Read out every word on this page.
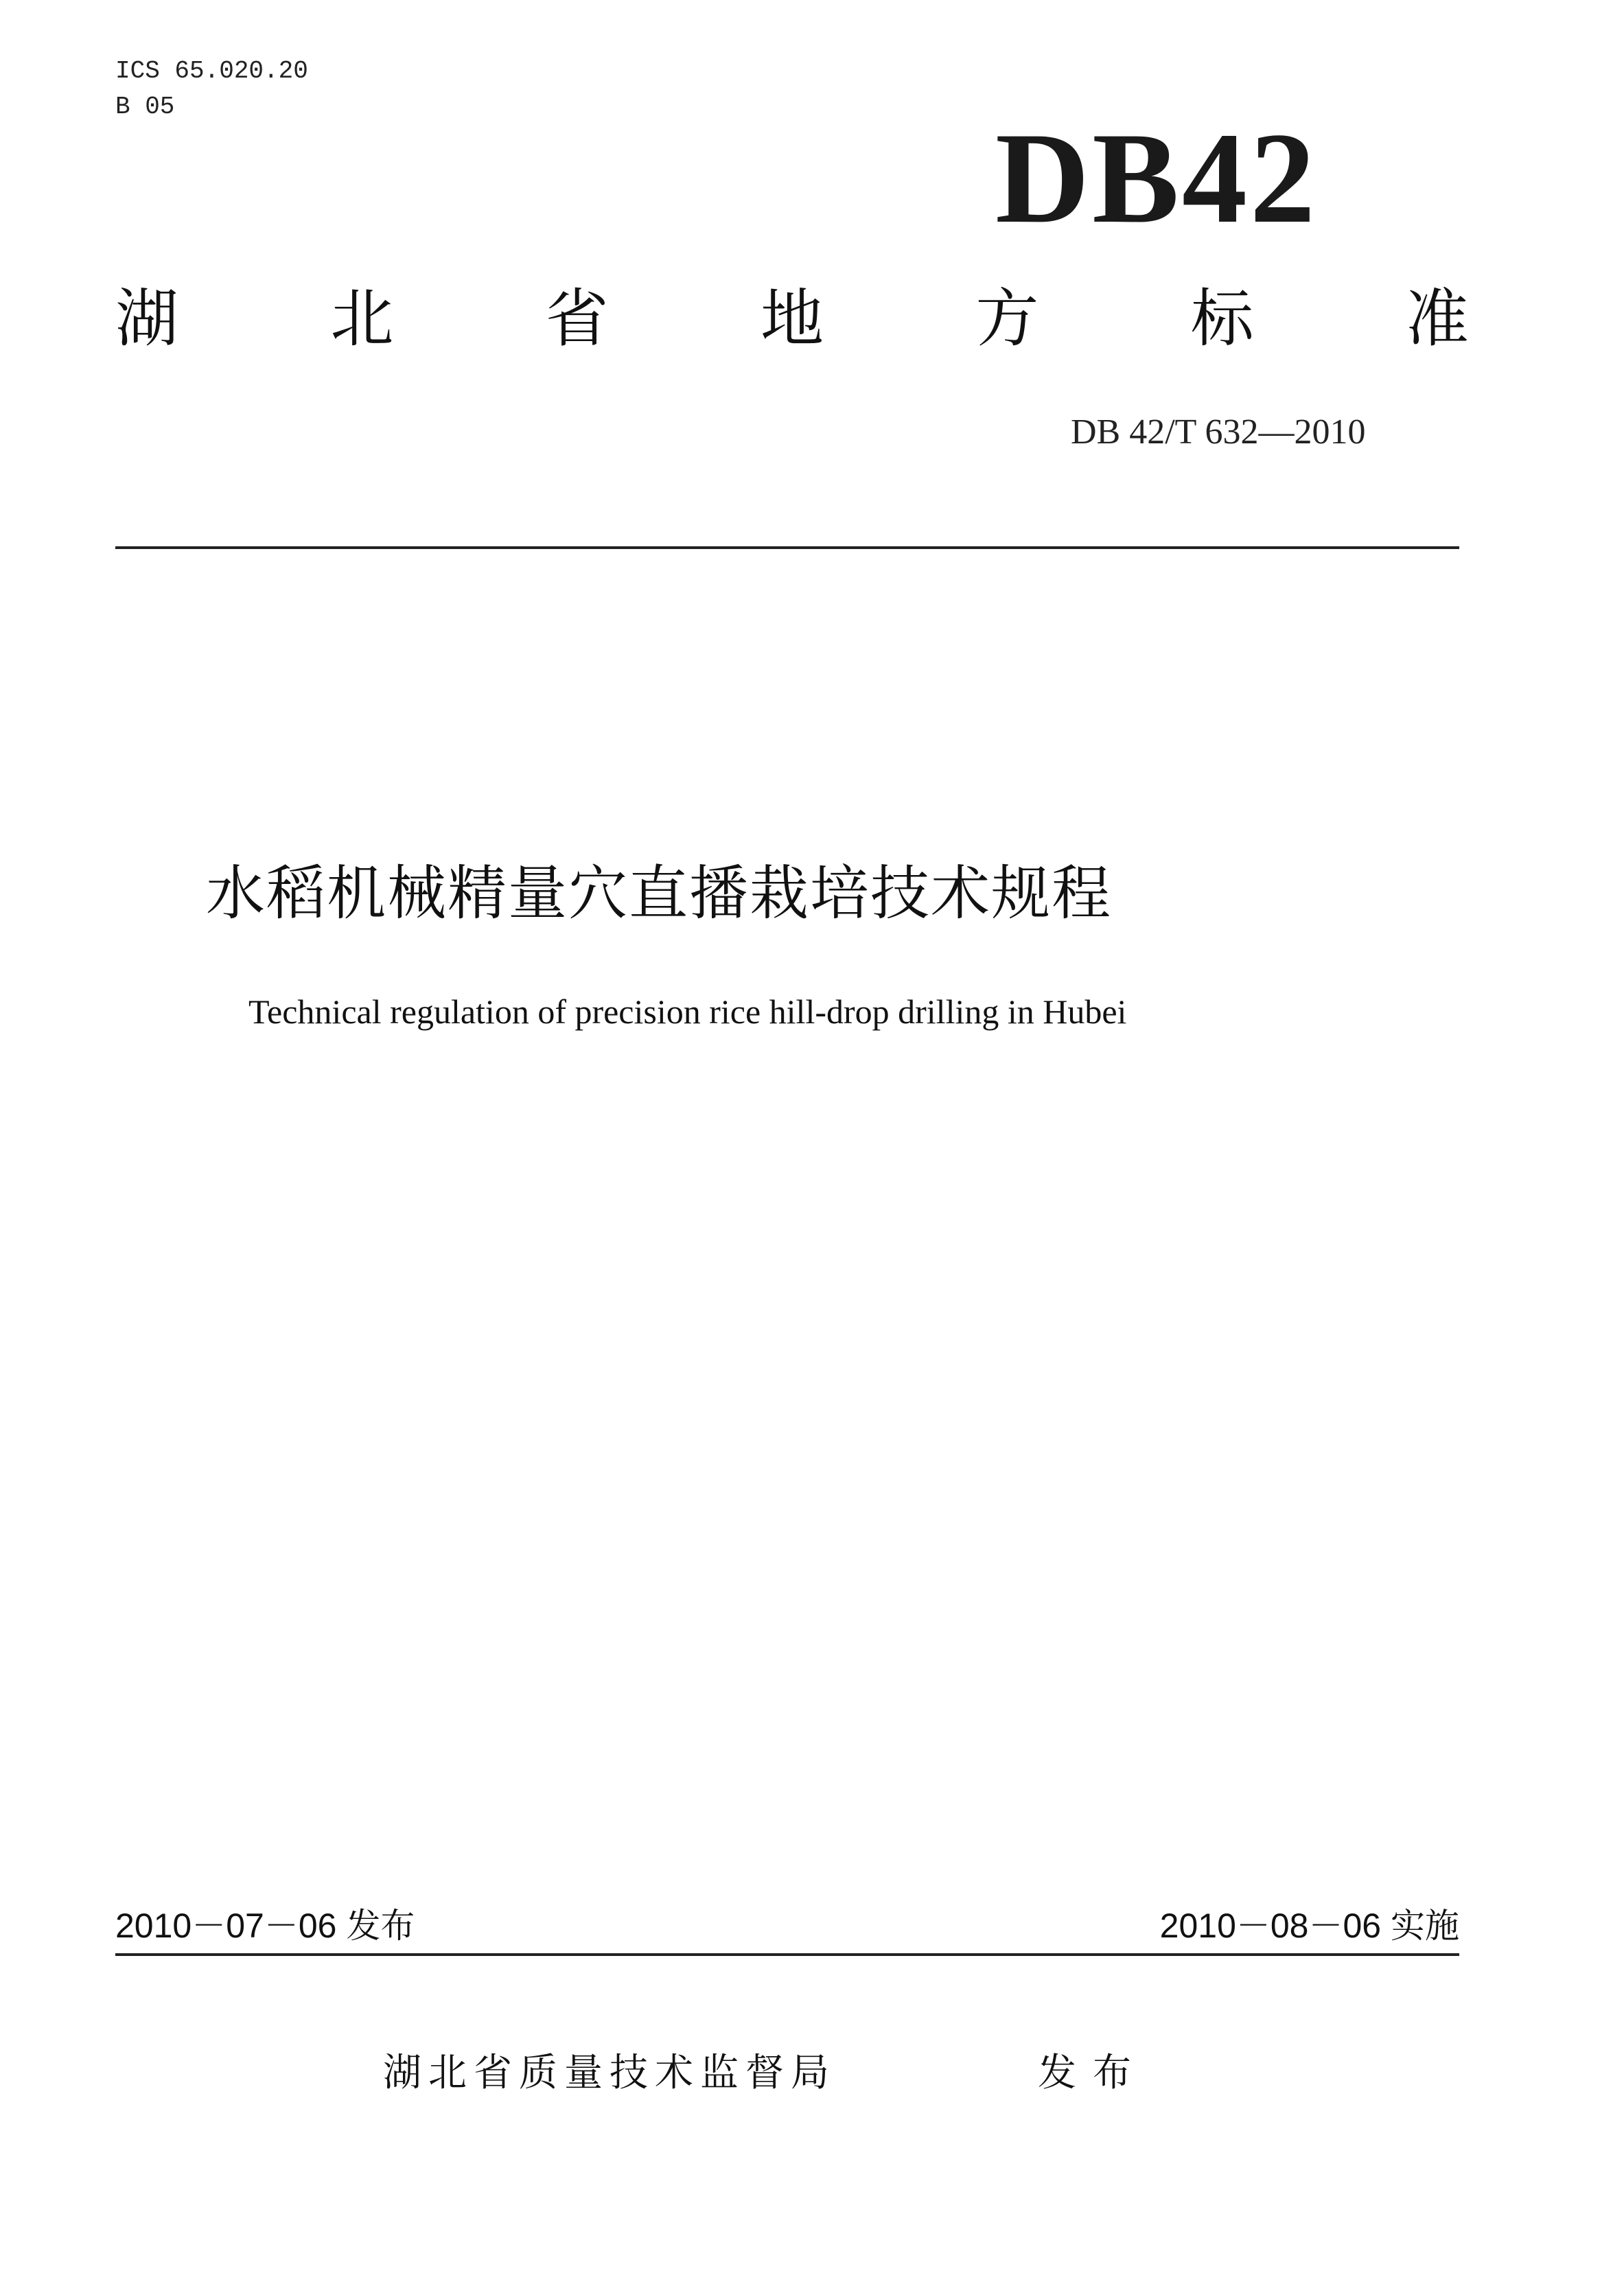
ICS 65.020.20
B 05	DB42
湖 北 省 地 方 标 准
DB 42/T 632—2010
水稻机械精量穴直播栽培技术规程
Technical regulation of precision rice hill-drop drilling in Hubei
2010－07－06 发布	2010－08－06 实施
湖北省质量技术监督局	发布
